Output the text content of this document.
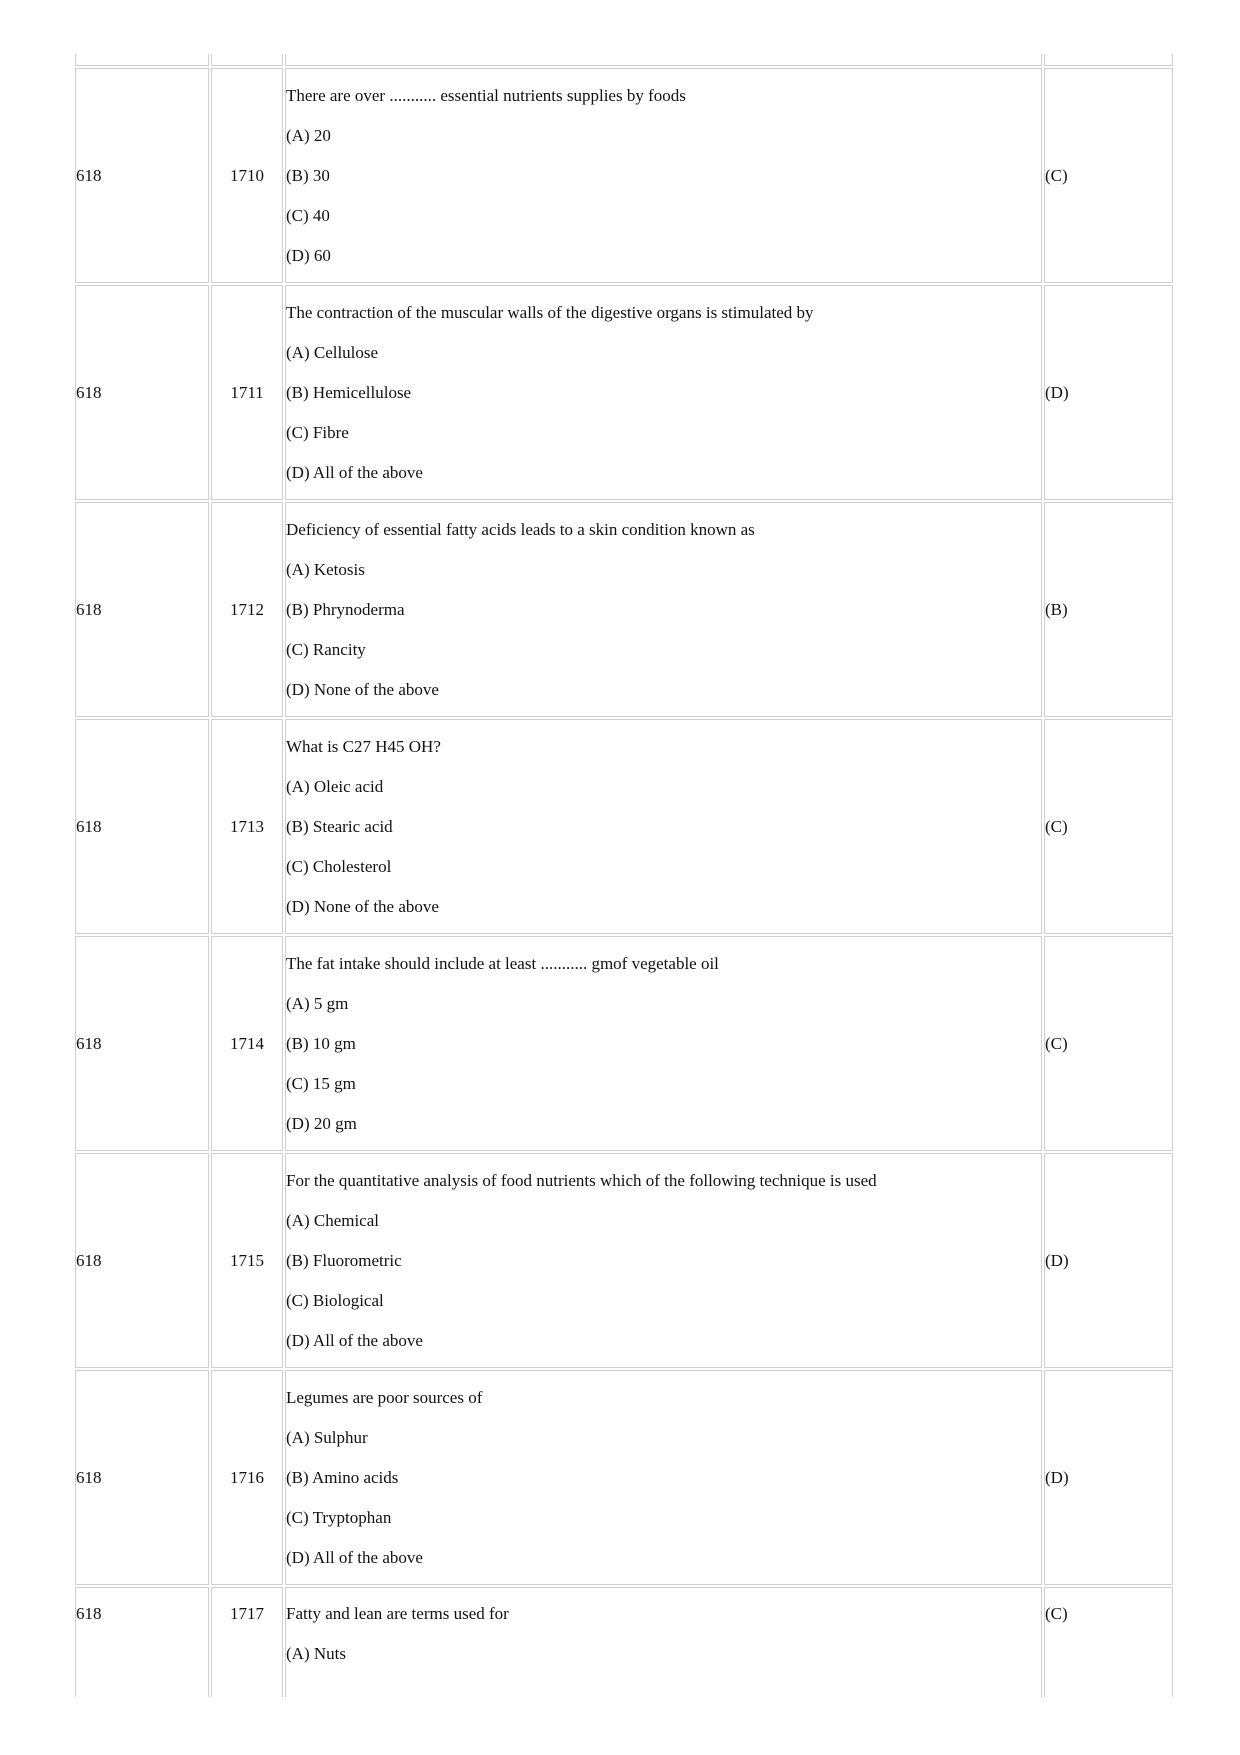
618	1710	There are over ........... essential nutrients supplies by foods
(A) 20
(B) 30
(C) 40
(D) 60	(C)
618	1711	The contraction of the muscular walls of the digestive organs is stimulated by
(A) Cellulose
(B) Hemicellulose
(C) Fibre
(D) All of the above	(D)
618	1712	Deficiency of essential fatty acids leads to a skin condition known as
(A) Ketosis
(B) Phrynoderma
(C) Rancity
(D) None of the above	(B)
618	1713	What is C27 H45 OH?
(A) Oleic acid
(B) Stearic acid
(C) Cholesterol
(D) None of the above	(C)
618	1714	The fat intake should include at least ........... gmof vegetable oil
(A) 5 gm
(B) 10 gm
(C) 15 gm
(D) 20 gm	(C)
618	1715	For the quantitative analysis of food nutrients which of the following technique is used
(A) Chemical
(B) Fluorometric
(C) Biological
(D) All of the above	(D)
618	1716	Legumes are poor sources of
(A) Sulphur
(B) Amino acids
(C) Tryptophan
(D) All of the above	(D)
618	1717	Fatty and lean are terms used for
(A) Nuts	(C)
